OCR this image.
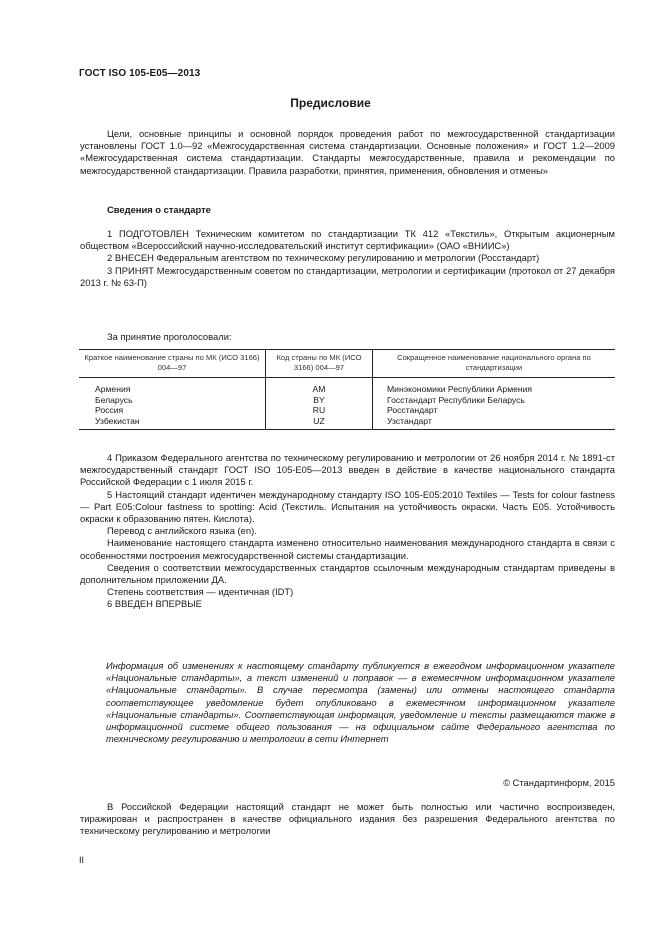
ГОСТ ISO 105-E05—2013
Предисловие

Цели, основные принципы и основной порядок проведения работ по межгосударственной стандартизации установлены ГОСТ 1.0—92 «Межгосударственная система стандартизации. Основные положения» и ГОСТ 1.2—2009 «Межгосударственная система стандартизации. Стандарты межгосударственные, правила и рекомендации по межгосударственной стандартизации. Правила разработки, принятия, применения, обновления и отмены»

Сведения о стандарте

1 ПОДГОТОВЛЕН Техническим комитетом по стандартизации ТК 412 «Текстиль», Открытым акционерным обществом «Всероссийский научно-исследовательский институт сертификации» (ОАО «ВНИИС»)

2 ВНЕСЕН Федеральным агентством по техническому регулированию и метрологии (Росстандарт)

3 ПРИНЯТ Межгосударственным советом по стандартизации, метрологии и сертификации (протокол от 27 декабря 2013 г. № 63-П)

За принятие проголосовали:

Краткое наименование страны по МК (ИСО 3166) 004—97	Код страны по МК (ИСО 3166) 004—97	Сокращенное наименование национального органа по стандартизации
Армения	AM	Минэкономики Республики Армения
Беларусь	BY	Госстандарт Республики Беларусь
Россия	RU	Росстандарт
Узбекистан	UZ	Узстандарт

4 Приказом Федерального агентства по техническому регулированию и метрологии от 26 ноября 2014 г. № 1891-ст межгосударственный стандарт ГОСТ ISO 105-E05—2013 введен в действие в качестве национального стандарта Российской Федерации с 1 июля 2015 г.

5 Настоящий стандарт идентичен международному стандарту ISO 105-E05:2010 Textiles — Tests for colour fastness — Part E05:Colour fastness to spotting: Acid (Текстиль. Испытания на устойчивость окраски. Часть E05. Устойчивость окраски к образованию пятен. Кислота).

Перевод с английского языка (en).

Наименование настоящего стандарта изменено относительно наименования международного стандарта в связи с особенностями построения межгосударственной системы стандартизации.

Сведения о соответствии межгосударственных стандартов ссылочным международным стандартам приведены в дополнительном приложении ДА.

Степень соответствия — идентичная (IDT)

6 ВВЕДЕН ВПЕРВЫЕ

Информация об изменениях к настоящему стандарту публикуется в ежегодном информационном указателе «Национальные стандарты», а текст изменений и поправок — в ежемесячном информационном указателе «Национальные стандарты». В случае пересмотра (замены) или отмены настоящего стандарта соответствующее уведомление будет опубликовано в ежемесячном информационном указателе «Национальные стандарты». Соответствующая информация, уведомление и тексты размещаются также в информационной системе общего пользования — на официальном сайте Федерального агентства по техническому регулированию и метрологии в сети Интернет
© Стандартинформ, 2015
В Российской Федерации настоящий стандарт не может быть полностью или частично воспроизведен, тиражирован и распространен в качестве официального издания без разрешения Федерального агентства по техническому регулированию и метрологии
II
